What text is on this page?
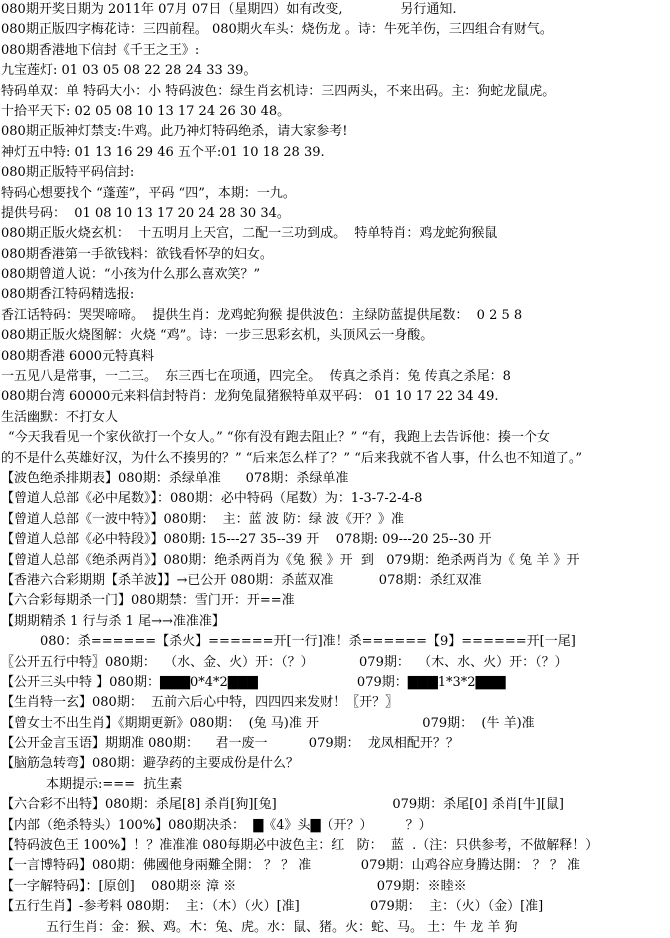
080期开奖日期为 2011年 07月 07日（星期四）如有改变,              另行通知.
080期正版四字梅花诗：三四前程。 080期火车头：烧伤龙 。诗：牛死羊伤，三四组合有财气。
080期香港地下信封《千王之王》:
九宝莲灯: 01 03 05 08 22 28 24 33 39。
特码单双：单 特码大小：小 特码波色：绿生肖玄机诗：三四两头，不来出码。主：狗蛇龙鼠虎。
十拾平天下: 02 05 08 10 13 17 24 26 30 48。
080期正版神灯禁支:牛鸡。此乃神灯特码绝杀，请大家参考!
神灯五中特: 01 13 16 29 46 五个平:01 10 18 28 39.
080期正版特平码信封:
特码心想要找个 “蓬莲”，平码 “四”，本期：一九。
提供号码：  01 08 10 13 17 20 24 28 30 34。
080期正版火烧玄机：  十五明月上天宫，二配一三功到成。  特单特肖：鸡龙蛇狗猴鼠
080期香港第一手欲钱料：欲钱看怀孕的妇女。
080期曾道人说：“小孩为什么那么喜欢笑？”
080期香江特码精选报:
香江话特码：哭哭啼啼。  提供生肖：龙鸡蛇狗猴 提供波色：主绿防蓝提供尾数：  0 2 5 8
080期正版火烧图解：火烧 “鸡”。诗：一步三思彩玄机，头顶风云一身酸。
080期香港 6000元特真料
一五见八是常事，一二三。  东三西七在项通，四完全。  传真之杀肖：兔 传真之杀尾：8
080期台湾 60000元来料信封特肖：龙狗兔鼠猪猴特单双平码： 01 10 17 22 34 49.
生活幽默：不打女人
“今天我看见一个家伙欲打一个女人。” “你有没有跑去阻止？” “有，我跑上去告诉他：揍一个女
的不是什么英雄好汉，为什么不揍男的？” “后来怎么样了？” “后来我就不省人事，什么也不知道了。”
【波色绝杀排期表】080期：杀绿单准      078期：杀绿单准
【曾道人总部《必中尾数》】：080期：必中特码（尾数）为：1-3-7-2-4-8
【曾道人总部《一波中特》】080期：  主：蓝 波 防：绿 波《开？》准
【曾道人总部《必中特段》】080期: 15---27 35--39 开    078期: 09---20 25--30 开
【曾道人总部《绝杀两肖》】080期：绝杀两肖为《兔 猴 》开  到   079期：绝杀两肖为《 兔 羊 》开
【香港六合彩期期【杀羊波】】→已公开 080期：杀蓝双准           078期：杀红双准
【六合彩每期杀一门】080期禁：雪门开：开==准
【期期精杀 1 行与杀 1 尾→→准准准】
080：杀======【杀火】======开[一行]准！杀======【9】======开[一尾]
〖公开五行中特〗080期：  （水、金、火）开：（？）           079期：  （木、水、火）开：（？）
【公开三头中特 】080期：▇▇▇0*4*2▇▇▇                        079期：▇▇▇1*3*2▇▇▇
【生肖特一玄】080期：  五前六后心中特，四四四来发财！〖开？〗
【曾女士不出生肖】《期期更新》080期：  (兔 马)准 开                         079期：  (牛 羊)准
【公开金言玉语】期期准 080期：    君一废一          079期：  龙凤相配开？？
【脑筋急转弯】080期：避孕药的主要成份是什么？
本期提示:===  抗生素
【六合彩不出特】080期：杀尾[8] 杀肖[狗][兔]                            079期：杀尾[0] 杀肖[牛][鼠]
【内部（绝杀特头）100%】080期决杀：  ▇《4》头▇（开？）        ？）
【特码波色王 100%】！？准准准 080每期必中波色主：红   防：  蓝  .（注：只供参考，不做解释！）
【一言博特码】080期：佛國他身兩難全開： ？ ？ 准            079期：山鸡谷应身腾达開： ？ ？ 准
【一字解特码】：[原创]    080期※ 漳 ※                                  079期：※睦※
【五行生肖】-参考料 080期：  主：（木）（火）[准]                 079期：  主：（火）（金）[准]
五行生肖：金：猴、鸡。木：兔、虎。水：鼠、猪。火：蛇、马。 土：牛 龙 羊 狗
